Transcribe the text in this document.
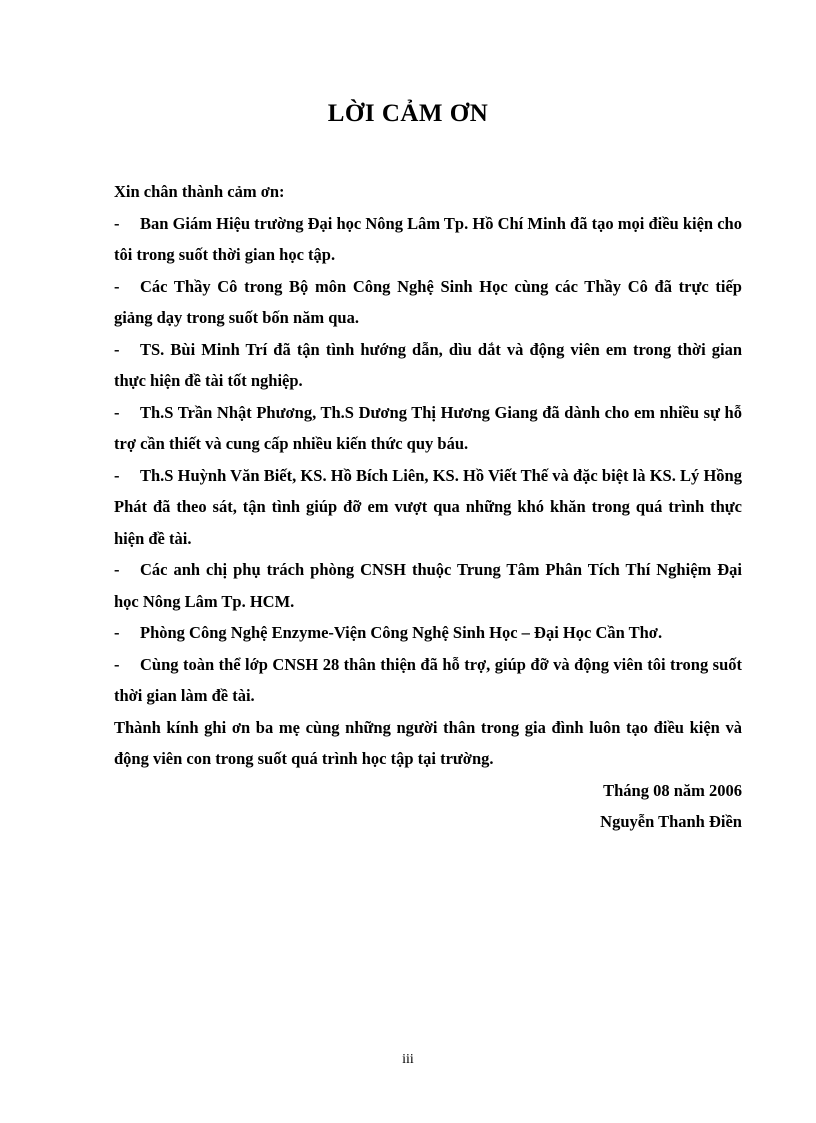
LỜI CẢM ƠN

Xin chân thành cảm ơn:

- Ban Giám Hiệu trường Đại học Nông Lâm Tp. Hồ Chí Minh đã tạo mọi điều kiện cho tôi trong suốt thời gian học tập.

- Các Thầy Cô trong Bộ môn Công Nghệ Sinh Học cùng các Thầy Cô đã trực tiếp giảng dạy trong suốt bốn năm qua.

- TS. Bùi Minh Trí đã tận tình hướng dẫn, dìu dắt và động viên em trong thời gian thực hiện đề tài tốt nghiệp.

- Th.S Trần Nhật Phương, Th.S Dương Thị Hương Giang đã dành cho em nhiều sự hỗ trợ cần thiết và cung cấp nhiều kiến thức quy báu.

- Th.S Huỳnh Văn Biết, KS. Hồ Bích Liên, KS. Hồ Viết Thế và đặc biệt là KS. Lý Hồng Phát đã theo sát, tận tình giúp đỡ em vượt qua những khó khăn trong quá trình thực hiện đề tài.

- Các anh chị phụ trách phòng CNSH thuộc Trung Tâm Phân Tích Thí Nghiệm Đại học Nông Lâm Tp. HCM.

- Phòng Công Nghệ Enzyme-Viện Công Nghệ Sinh Học – Đại Học Cần Thơ.

- Cùng toàn thể lớp CNSH 28 thân thiện đã hỗ trợ, giúp đỡ và động viên tôi trong suốt thời gian làm đề tài.

Thành kính ghi ơn ba mẹ cùng những người thân trong gia đình luôn tạo điều kiện và động viên con trong suốt quá trình học tập tại trường.

Tháng 08 năm 2006

Nguyễn Thanh Điền

iii
